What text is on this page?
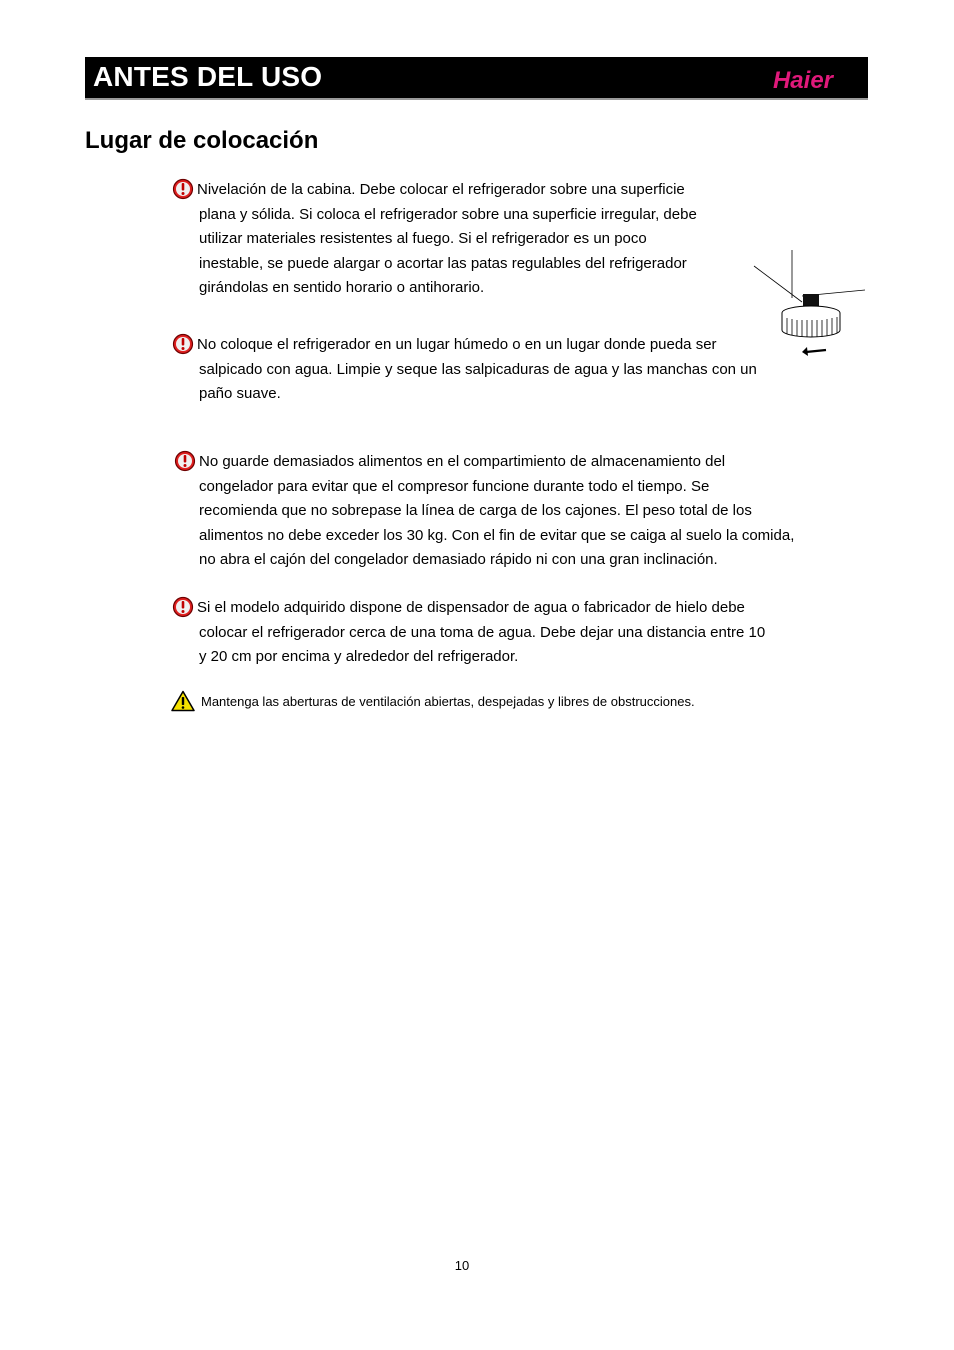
ANTES DEL USO	Haier
Lugar de colocación
Nivelación de la cabina. Debe colocar el refrigerador sobre una superficie
plana y sólida. Si coloca el refrigerador sobre una superficie irregular, debe
utilizar materiales resistentes al fuego. Si el refrigerador es un poco
inestable, se puede alargar o acortar las patas regulables del refrigerador
girándolas en sentido horario o antihorario.
No coloque el refrigerador en un lugar húmedo o en un lugar donde pueda ser
salpicado con agua. Limpie y seque las salpicaduras de agua y las manchas con un
paño suave.
No guarde demasiados alimentos en el compartimiento de almacenamiento del
congelador para evitar que el compresor funcione durante todo el tiempo. Se
recomienda que no sobrepase la línea de carga de los cajones. El peso total de los
alimentos no debe exceder los 30 kg. Con el fin de evitar que se caiga al suelo la comida,
no abra el cajón del congelador demasiado rápido ni con una gran inclinación.
Si el modelo adquirido dispone de dispensador de agua o fabricador de hielo debe
colocar el refrigerador cerca de una toma de agua. Debe dejar una distancia entre 10
y 20 cm por encima y alrededor del refrigerador.
Mantenga las aberturas de ventilación abiertas, despejadas y libres de obstrucciones.
10
